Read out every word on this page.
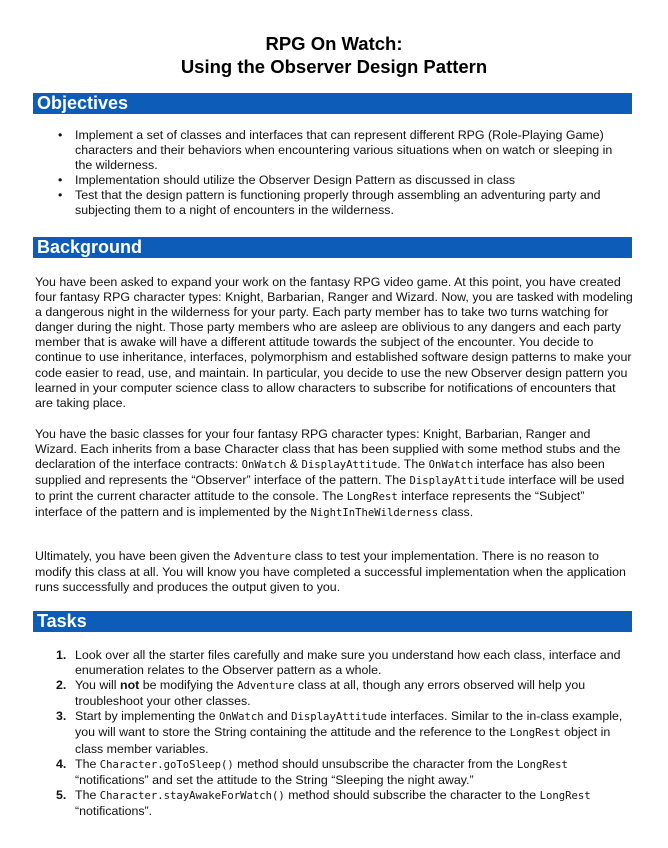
RPG On Watch:
Using the Observer Design Pattern
Objectives
• Implement a set of classes and interfaces that can represent different RPG (Role-Playing Game) characters and their behaviors when encountering various situations when on watch or sleeping in the wilderness.
• Implementation should utilize the Observer Design Pattern as discussed in class
• Test that the design pattern is functioning properly through assembling an adventuring party and subjecting them to a night of encounters in the wilderness.
Background

You have been asked to expand your work on the fantasy RPG video game. At this point, you have created four fantasy RPG character types: Knight, Barbarian, Ranger and Wizard. Now, you are tasked with modeling a dangerous night in the wilderness for your party. Each party member has to take two turns watching for danger during the night. Those party members who are asleep are oblivious to any dangers and each party member that is awake will have a different attitude towards the subject of the encounter. You decide to continue to use inheritance, interfaces, polymorphism and established software design patterns to make your code easier to read, use, and maintain. In particular, you decide to use the new Observer design pattern you learned in your computer science class to allow characters to subscribe for notifications of encounters that are taking place.

You have the basic classes for your four fantasy RPG character types: Knight, Barbarian, Ranger and Wizard. Each inherits from a base Character class that has been supplied with some method stubs and the declaration of the interface contracts: OnWatch & DisplayAttitude. The OnWatch interface has also been supplied and represents the “Observer” interface of the pattern. The DisplayAttitude interface will be used to print the current character attitude to the console. The LongRest interface represents the “Subject” interface of the pattern and is implemented by the NightInTheWilderness class.

Ultimately, you have been given the Adventure class to test your implementation. There is no reason to modify this class at all. You will know you have completed a successful implementation when the application runs successfully and produces the output given to you.

Tasks
1. Look over all the starter files carefully and make sure you understand how each class, interface and enumeration relates to the Observer pattern as a whole.
2. You will not be modifying the Adventure class at all, though any errors observed will help you troubleshoot your other classes.
3. Start by implementing the OnWatch and DisplayAttitude interfaces. Similar to the in-class example, you will want to store the String containing the attitude and the reference to the LongRest object in class member variables.
4. The Character.goToSleep() method should unsubscribe the character from the LongRest “notifications” and set the attitude to the String “Sleeping the night away.”
5. The Character.stayAwakeForWatch() method should subscribe the character to the LongRest “notifications”.
